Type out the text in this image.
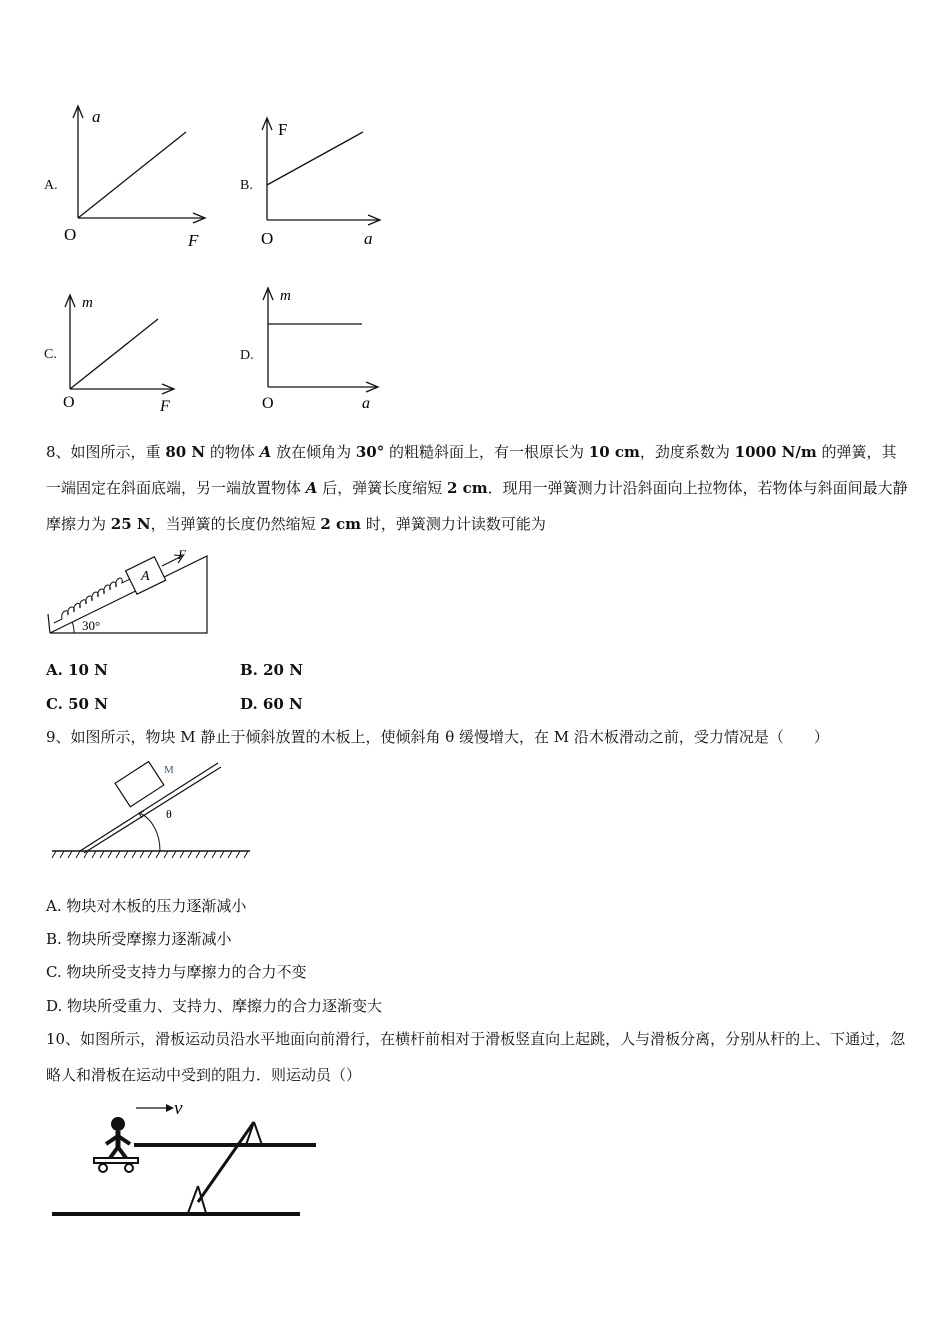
A.
a
O	F
B.
F
O	a
C.
m
O	F
D.
m
O	a
8、如图所示，重 80 N 的物体 A 放在倾角为 30° 的粗糙斜面上，有一根原长为 10 cm，劲度系数为 1000 N/m 的弹簧，其一端固定在斜面底端，另一端放置物体 A 后，弹簧长度缩短 2 cm．现用一弹簧测力计沿斜面向上拉物体，若物体与斜面间最大静摩擦力为 25 N，当弹簧的长度仍然缩短 2 cm 时，弹簧测力计读数可能为
A
F
30°
A. 10 N	B. 20 N
C. 50 N	D. 60 N
9、如图所示，物块 M 静止于倾斜放置的木板上，使倾斜角 θ 缓慢增大，在 M 沿木板滑动之前，受力情况是（　　）
M
θ
A. 物块对木板的压力逐渐减小
B. 物块所受摩擦力逐渐减小
C. 物块所受支持力与摩擦力的合力不变
D. 物块所受重力、支持力、摩擦力的合力逐渐变大
10、如图所示，滑板运动员沿水平地面向前滑行，在横杆前相对于滑板竖直向上起跳，人与滑板分离，分别从杆的上、下通过，忽略人和滑板在运动中受到的阻力．则运动员（）
v
